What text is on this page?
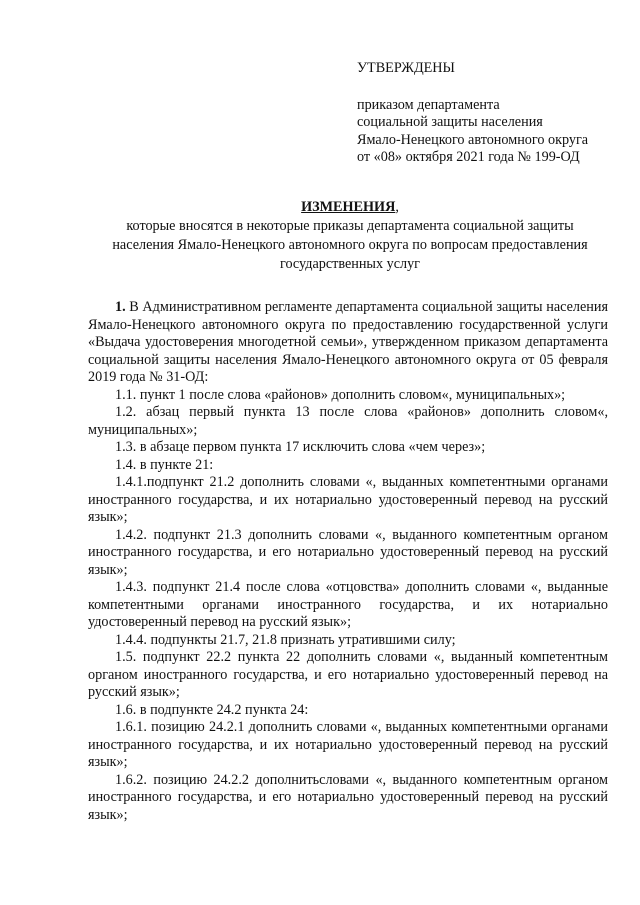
УТВЕРЖДЕНЫ
приказом департамента
социальной защиты населения
Ямало-Ненецкого автономного округа
от «08» октября 2021 года № 199-ОД
ИЗМЕНЕНИЯ,
которые вносятся в некоторые приказы департамента социальной защиты
населения Ямало-Ненецкого автономного округа по вопросам предоставления
государственных услуг

1. В Административном регламенте департамента социальной защиты населения Ямало-Ненецкого автономного округа по предоставлению государственной услуги «Выдача удостоверения многодетной семьи», утвержденном приказом департамента социальной защиты населения Ямало-Ненецкого автономного округа от 05 февраля 2019 года № 31-ОД:

1.1. пункт 1 после слова «районов» дополнить словом«, муниципальных»;

1.2. абзац первый пункта 13 после слова «районов» дополнить словом«, муниципальных»;

1.3. в абзаце первом пункта 17 исключить слова «чем через»;

1.4. в пункте 21:

1.4.1.подпункт 21.2 дополнить словами «, выданных компетентными органами иностранного государства, и их нотариально удостоверенный перевод на русский язык»;

1.4.2. подпункт 21.3 дополнить словами «, выданного компетентным органом иностранного государства, и его нотариально удостоверенный перевод на русский язык»;

1.4.3. подпункт 21.4 после слова «отцовства» дополнить словами «, выданные компетентными органами иностранного государства, и их нотариально удостоверенный перевод на русский язык»;

1.4.4. подпункты 21.7, 21.8 признать утратившими силу;

1.5. подпункт 22.2 пункта 22 дополнить словами «, выданный компетентным органом иностранного государства, и его нотариально удостоверенный перевод на русский язык»;

1.6. в подпункте 24.2 пункта 24:

1.6.1. позицию 24.2.1 дополнить словами «, выданных компетентными органами иностранного государства, и их нотариально удостоверенный перевод на русский язык»;

1.6.2. позицию 24.2.2 дополнитьсловами «, выданного компетентным органом иностранного государства, и его нотариально удостоверенный перевод на русский язык»;
